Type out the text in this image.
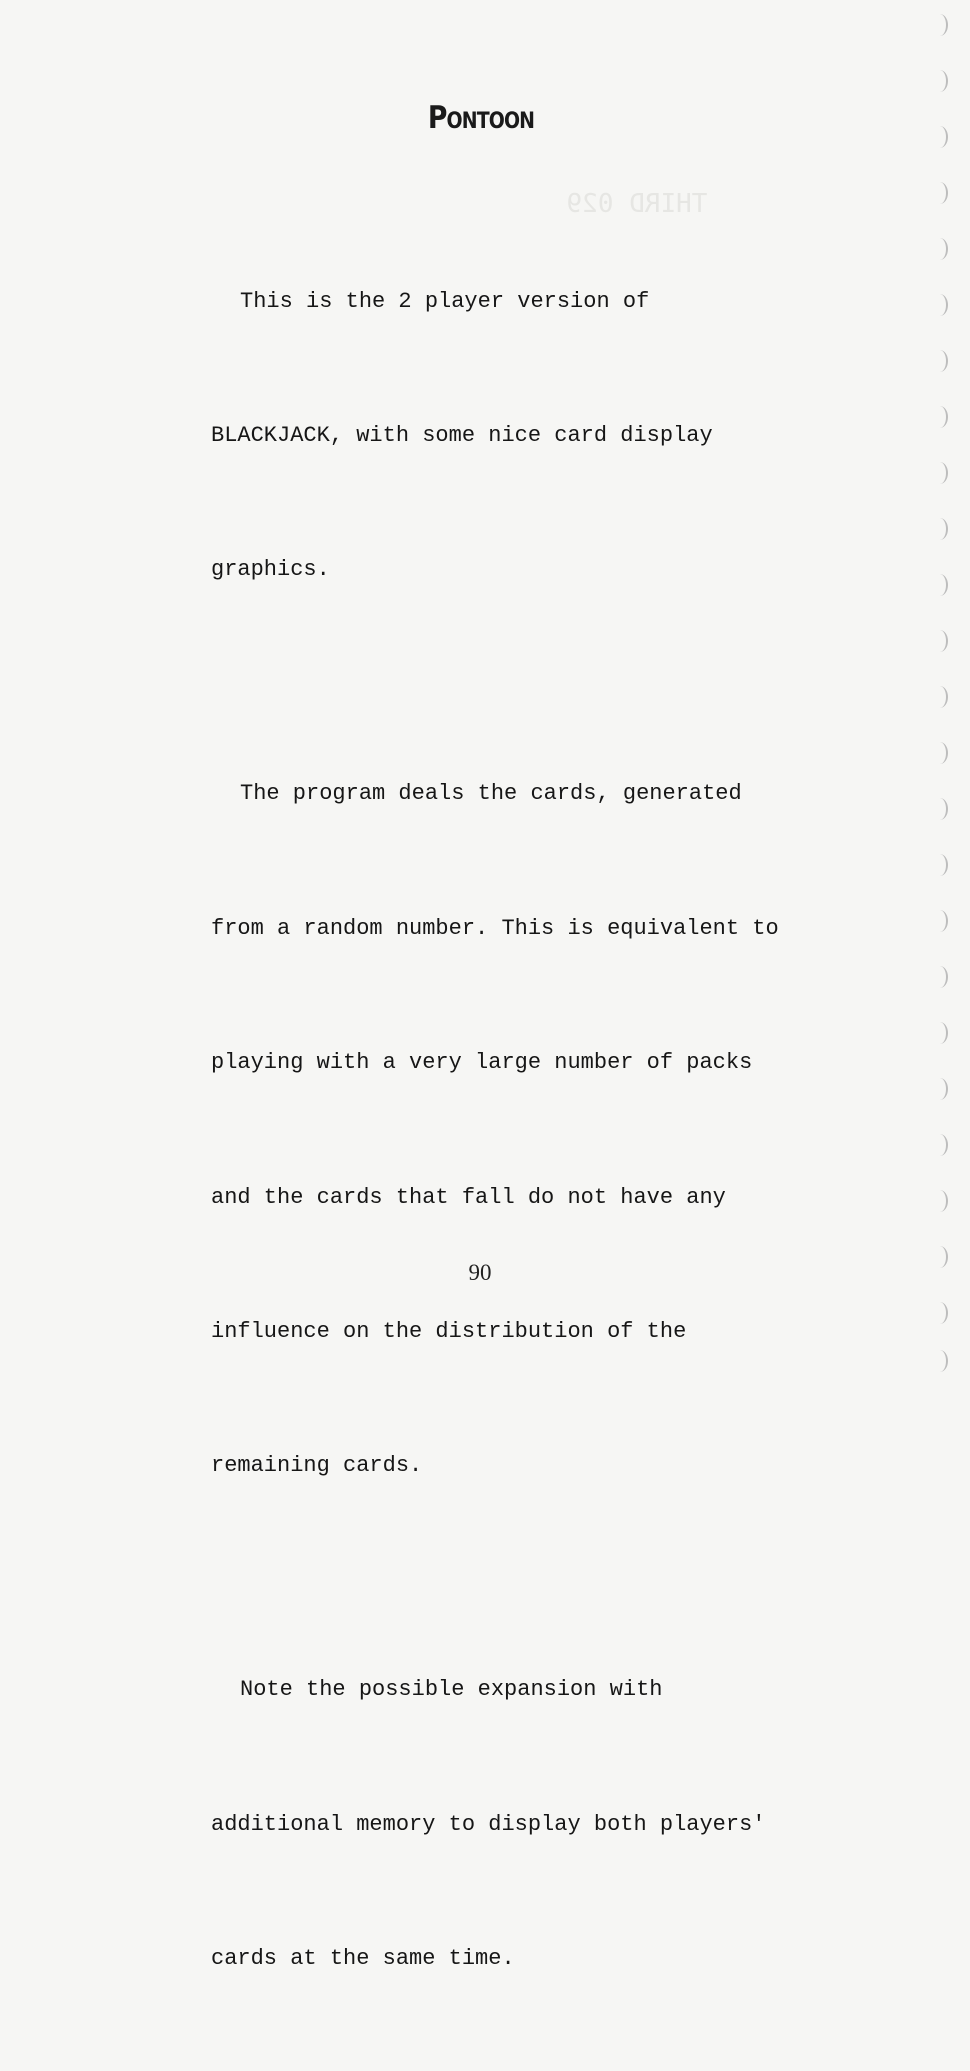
THIRD 029

Pontoon

This is the 2 player version of

BLACKJACK, with some nice card display

graphics.

The program deals the cards, generated

from a random number. This is equivalent to

playing with a very large number of packs

and the cards that fall do not have any

influence on the distribution of the

remaining cards.

Note the possible expansion with

additional memory to display both players'

cards at the same time.

90
